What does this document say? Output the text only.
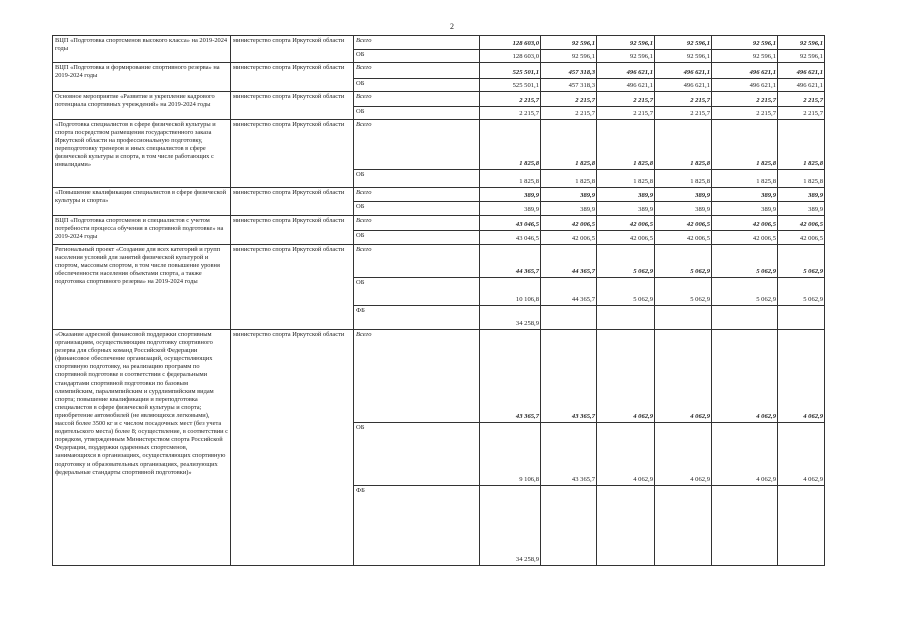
2
ВЦП «Подготовка спортсменов высокого класса» на 2019-2024 годы	министерство спорта Иркутской области	Всего	128 603,0	92 596,1	92 596,1	92 596,1	92 596,1	92 596,1
		ОБ	128 603,0	92 596,1	92 596,1	92 596,1	92 596,1	92 596,1
ВЦП «Подготовка и формирование спортивного резерва» на 2019-2024 годы	министерство спорта Иркутской области	Всего	525 501,1	457 318,3	496 621,1	496 621,1	496 621,1	496 621,1
		ОБ	525 501,1	457 318,3	496 621,1	496 621,1	496 621,1	496 621,1
Основное мероприятие «Развитие и укрепление кадрового потенциала спортивных учреждений» на 2019-2024 годы	министерство спорта Иркутской области	Всего	2 215,7	2 215,7	2 215,7	2 215,7	2 215,7	2 215,7
		ОБ	2 215,7	2 215,7	2 215,7	2 215,7	2 215,7	2 215,7
«Подготовка специалистов в сфере физической культуры и спорта посредством размещения государственного заказа Иркутской области на профессиональную подготовку, переподготовку тренеров и иных специалистов в сфере физической культуры и спорта, в том числе работающих с инвалидами»	министерство спорта Иркутской области	Всего	1 825,8	1 825,8	1 825,8	1 825,8	1 825,8	1 825,8
		ОБ	1 825,8	1 825,8	1 825,8	1 825,8	1 825,8	1 825,8
«Повышение квалификации специалистов в сфере физической культуры и спорта»	министерство спорта Иркутской области	Всего	389,9	389,9	389,9	389,9	389,9	389,9
		ОБ	389,9	389,9	389,9	389,9	389,9	389,9
ВЦП «Подготовка спортсменов и специалистов с учетом потребности процесса обучения в спортивной подготовке» на 2019-2024 годы	министерство спорта Иркутской области	Всего	43 046,5	42 006,5	42 006,5	42 006,5	42 006,5	42 006,5
		ОБ	43 046,5	42 006,5	42 006,5	42 006,5	42 006,5	42 006,5
Региональный проект «Создание для всех категорий и групп населения условий для занятий физической культурой и спортом, массовым спортом, в том числе повышение уровня обеспеченности населения объектами спорта, а также подготовка спортивного резерва» на 2019-2024 годы	министерство спорта Иркутской области	Всего	44 365,7	44 365,7	5 062,9	5 062,9	5 062,9	5 062,9
		ОБ	10 106,8	44 365,7	5 062,9	5 062,9	5 062,9	5 062,9
		ФБ	34 258,9					
«Оказание адресной финансовой поддержки спортивным организациям, осуществляющим подготовку спортивного резерва для сборных команд Российской Федерации (финансовое обеспечение организаций, осуществляющих спортивную подготовку, на реализацию программ по спортивной подготовке в соответствии с федеральными стандартами спортивной подготовки по базовым олимпийским, паралимпийским и сурдлимпийским видам спорта; повышение квалификации и переподготовка специалистов в сфере физической культуры и спорта; приобретение автомобилей (не являющихся легковыми), массой более 3500 кг и с числом посадочных мест (без учета водительского места) более 8; осуществление, в соответствии с порядком, утвержденным Министерством спорта Российской Федерации, поддержки одаренных спортсменов, занимающихся в организациях, осуществляющих спортивную подготовку и образовательных организациях, реализующих федеральные стандарты спортивной подготовки)»	министерство спорта Иркутской области	Всего	43 365,7	43 365,7	4 062,9	4 062,9	4 062,9	4 062,9
		ОБ	9 106,8	43 365,7	4 062,9	4 062,9	4 062,9	4 062,9
		ФБ	34 258,9					
